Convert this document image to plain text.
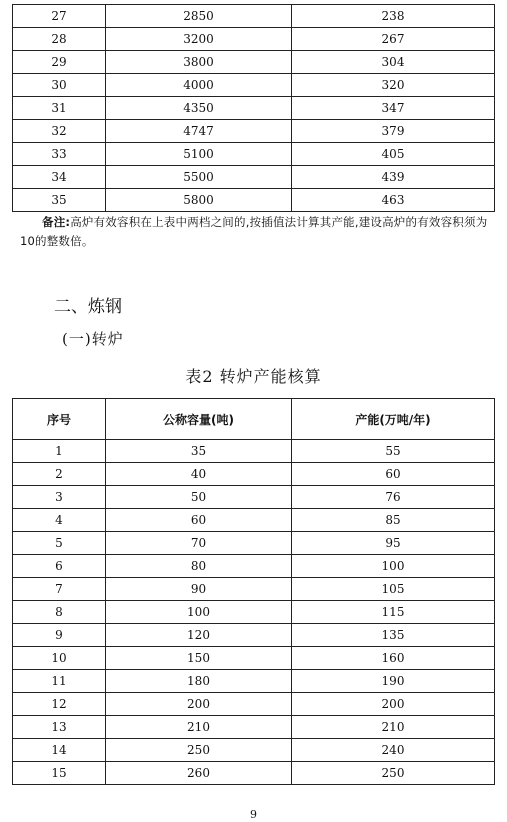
27	2850	238
28	3200	267
29	3800	304
30	4000	320
31	4350	347
32	4747	379
33	5100	405
34	5500	439
35	5800	463
备注:高炉有效容积在上表中两档之间的,按插值法计算其产能,建设高炉的有效容积须为10的整数倍。
二、炼钢
(一)转炉
表2 转炉产能核算
序号	公称容量(吨)	产能(万吨/年)
1	35	55
2	40	60
3	50	76
4	60	85
5	70	95
6	80	100
7	90	105
8	100	115
9	120	135
10	150	160
11	180	190
12	200	200
13	210	210
14	250	240
15	260	250
9
